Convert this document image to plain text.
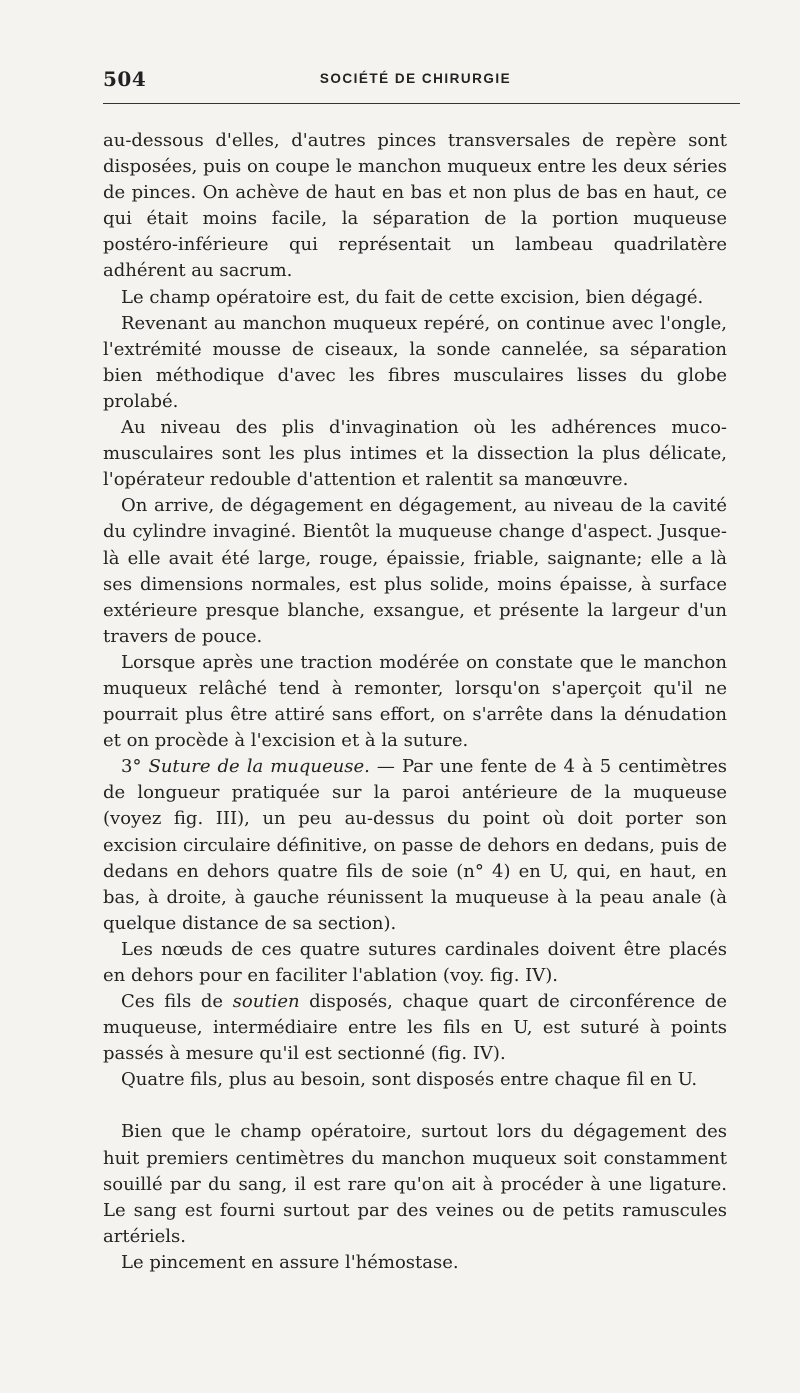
504	SOCIÉTÉ DE CHIRURGIE

au-dessous d'elles, d'autres pinces transversales de repère sont disposées, puis on coupe le manchon muqueux entre les deux séries de pinces. On achève de haut en bas et non plus de bas en haut, ce qui était moins facile, la séparation de la portion muqueuse postéro-inférieure qui représentait un lambeau quadrilatère adhérent au sacrum.

Le champ opératoire est, du fait de cette excision, bien dégagé.

Revenant au manchon muqueux repéré, on continue avec l'ongle, l'extrémité mousse de ciseaux, la sonde cannelée, sa séparation bien méthodique d'avec les fibres musculaires lisses du globe prolabé.

Au niveau des plis d'invagination où les adhérences muco-musculaires sont les plus intimes et la dissection la plus délicate, l'opérateur redouble d'attention et ralentit sa manœuvre.

On arrive, de dégagement en dégagement, au niveau de la cavité du cylindre invaginé. Bientôt la muqueuse change d'aspect. Jusque-là elle avait été large, rouge, épaissie, friable, saignante; elle a là ses dimensions normales, est plus solide, moins épaisse, à surface extérieure presque blanche, exsangue, et présente la largeur d'un travers de pouce.

Lorsque après une traction modérée on constate que le manchon muqueux relâché tend à remonter, lorsqu'on s'aperçoit qu'il ne pourrait plus être attiré sans effort, on s'arrête dans la dénudation et on procède à l'excision et à la suture.

3° Suture de la muqueuse. — Par une fente de 4 à 5 centimètres de longueur pratiquée sur la paroi antérieure de la muqueuse (voyez fig. III), un peu au-dessus du point où doit porter son excision circulaire définitive, on passe de dehors en dedans, puis de dedans en dehors quatre fils de soie (n° 4) en U, qui, en haut, en bas, à droite, à gauche réunissent la muqueuse à la peau anale (à quelque distance de sa section).

Les nœuds de ces quatre sutures cardinales doivent être placés en dehors pour en faciliter l'ablation (voy. fig. IV).

Ces fils de soutien disposés, chaque quart de circonférence de muqueuse, intermédiaire entre les fils en U, est suturé à points passés à mesure qu'il est sectionné (fig. IV).

Quatre fils, plus au besoin, sont disposés entre chaque fil en U.

Bien que le champ opératoire, surtout lors du dégagement des huit premiers centimètres du manchon muqueux soit constamment souillé par du sang, il est rare qu'on ait à procéder à une ligature. Le sang est fourni surtout par des veines ou de petits ramuscules artériels.

Le pincement en assure l'hémostase.
